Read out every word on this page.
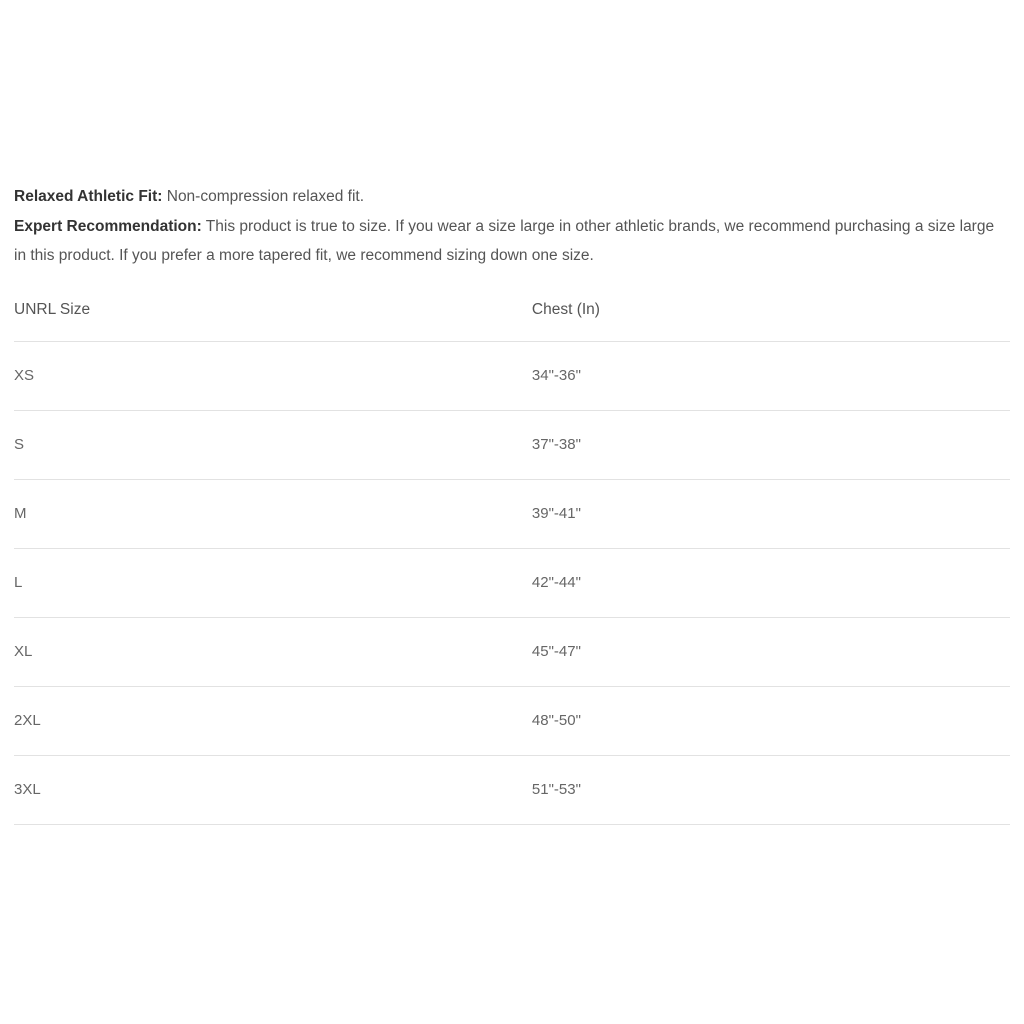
Relaxed Athletic Fit: Non-compression relaxed fit.

Expert Recommendation: This product is true to size. If you wear a size large in other athletic brands, we recommend purchasing a size large in this product. If you prefer a more tapered fit, we recommend sizing down one size.

UNRL Size	Chest (In)
XS	34"-36"
S	37"-38"
M	39"-41"
L	42"-44"
XL	45"-47"
2XL	48"-50"
3XL	51"-53"
